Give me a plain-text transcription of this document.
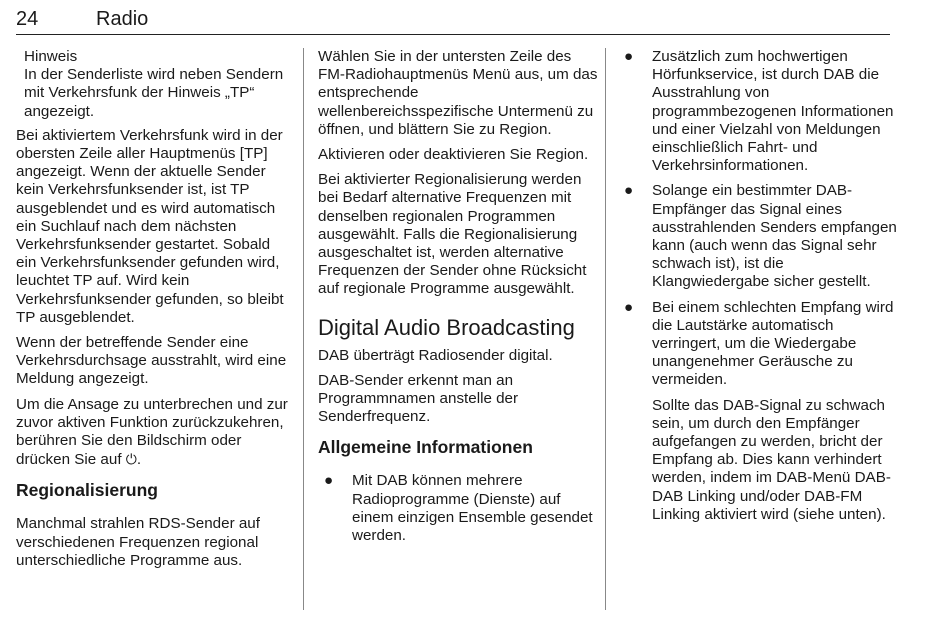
24	Radio
Hinweis
In der Senderliste wird neben Sendern mit Verkehrsfunk der Hinweis „TP“ angezeigt.

Bei aktiviertem Verkehrsfunk wird in der obersten Zeile aller Hauptmenüs [TP] angezeigt. Wenn der aktuelle Sender kein Verkehrsfunksender ist, ist TP ausgeblendet und es wird automatisch ein Suchlauf nach dem nächsten Verkehrsfunksender gestartet. Sobald ein Verkehrsfunksender gefunden wird, leuchtet TP auf. Wird kein Verkehrsfunksender gefunden, so bleibt TP ausgeblendet.

Wenn der betreffende Sender eine Verkehrsdurchsage ausstrahlt, wird eine Meldung angezeigt.

Um die Ansage zu unterbrechen und zur zuvor aktiven Funktion zurückzukehren, berühren Sie den Bildschirm oder drücken Sie auf ⏻.

Regionalisierung

Manchmal strahlen RDS-Sender auf verschiedenen Frequenzen regional unterschiedliche Programme aus.

Wählen Sie in der untersten Zeile des FM-Radiohauptmenüs Menü aus, um das entsprechende wellenbereichsspezifische Untermenü zu öffnen, und blättern Sie zu Region.

Aktivieren oder deaktivieren Sie Region.

Bei aktivierter Regionalisierung werden bei Bedarf alternative Frequenzen mit denselben regionalen Programmen ausgewählt. Falls die Regionalisierung ausgeschaltet ist, werden alternative Frequenzen der Sender ohne Rücksicht auf regionale Programme ausgewählt.

Digital Audio Broadcasting

DAB überträgt Radiosender digital.

DAB-Sender erkennt man an Programmnamen anstelle der Senderfrequenz.

Allgemeine Informationen
● Mit DAB können mehrere Radioprogramme (Dienste) auf einem einzigen Ensemble gesendet werden.
● Zusätzlich zum hochwertigen Hörfunkservice, ist durch DAB die Ausstrahlung von programmbezogenen Informationen und einer Vielzahl von Meldungen einschließlich Fahrt- und Verkehrsinformationen.
● Solange ein bestimmter DAB-Empfänger das Signal eines ausstrahlenden Senders empfangen kann (auch wenn das Signal sehr schwach ist), ist die Klangwiedergabe sicher gestellt.
● Bei einem schlechten Empfang wird die Lautstärke automatisch verringert, um die Wiedergabe unangenehmer Geräusche zu vermeiden.

Sollte das DAB-Signal zu schwach sein, um durch den Empfänger aufgefangen zu werden, bricht der Empfang ab. Dies kann verhindert werden, indem im DAB-Menü DAB-DAB Linking und/oder DAB-FM Linking aktiviert wird (siehe unten).
